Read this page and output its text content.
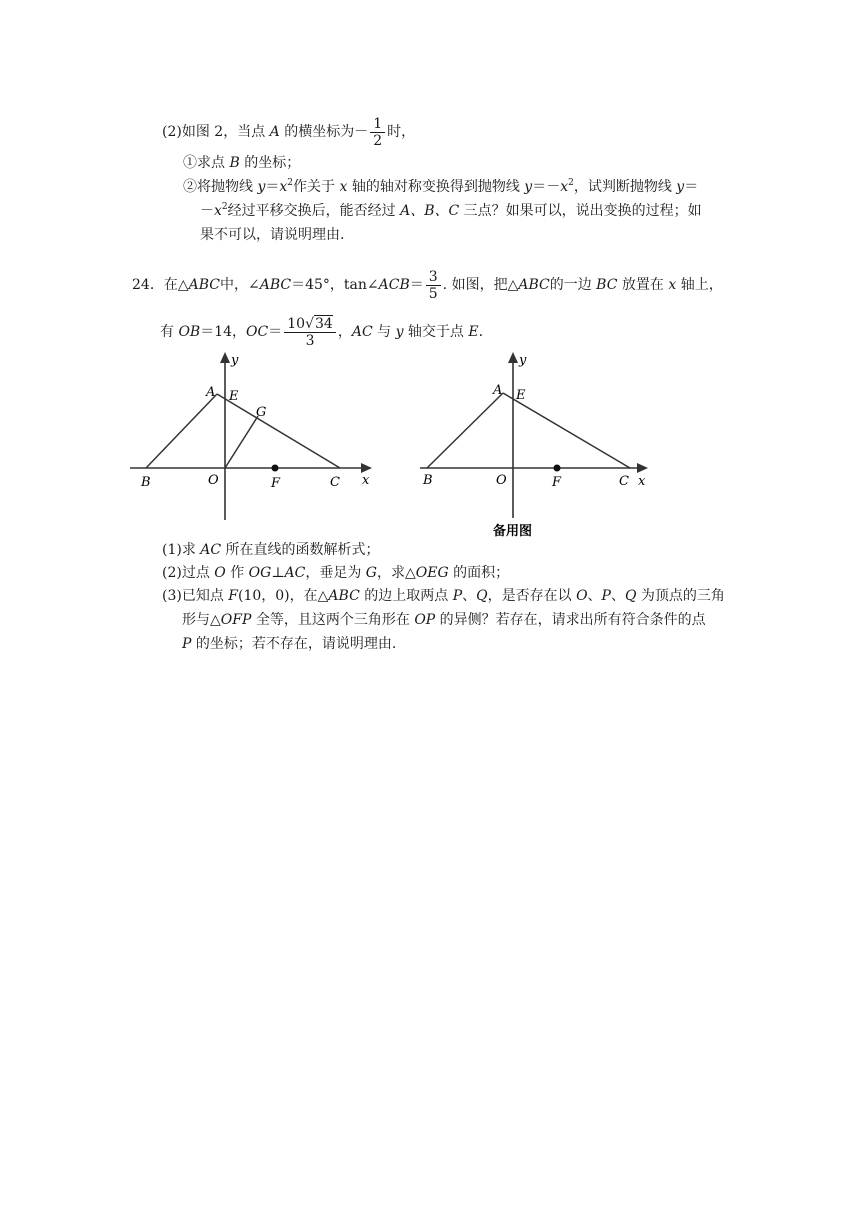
(2)如图 2，当点 A 的横坐标为－ $\frac{1}{2}$ 时，
①求点 B 的坐标；
②将抛物线 $y=x^2$作关于 x 轴的轴对称变换得到抛物线 $y=-x^2$，试判断抛物线 y＝
$-x^2$经过平移交换后，能否经过 A、B、C 三点？如果可以，说出变换的过程；如
果不可以，请说明理由.
24．在△ABC中，∠ABC＝45°，tan∠ACB＝ $\frac{3}{5}$ . 如图，把△ABC的一边 BC 放置在 x 轴上，
有 OB＝14，$OC= \frac{10√34}{3}$ ，AC 与 y 轴交于点 E.
y
A E
G
B	O	F	C x
y
A E
B	O	F	C x
备用图
(1)求 AC 所在直线的函数解析式；
(2)过点 O 作 OG⊥AC，垂足为 G，求△OEG 的面积；
(3)已知点 F(10，0)，在△ABC 的边上取两点 P、Q，是否存在以 O、P、Q 为顶点的三角
形与△OFP 全等，且这两个三角形在 OP 的异侧？若存在，请求出所有符合条件的点
P 的坐标；若不存在，请说明理由.
